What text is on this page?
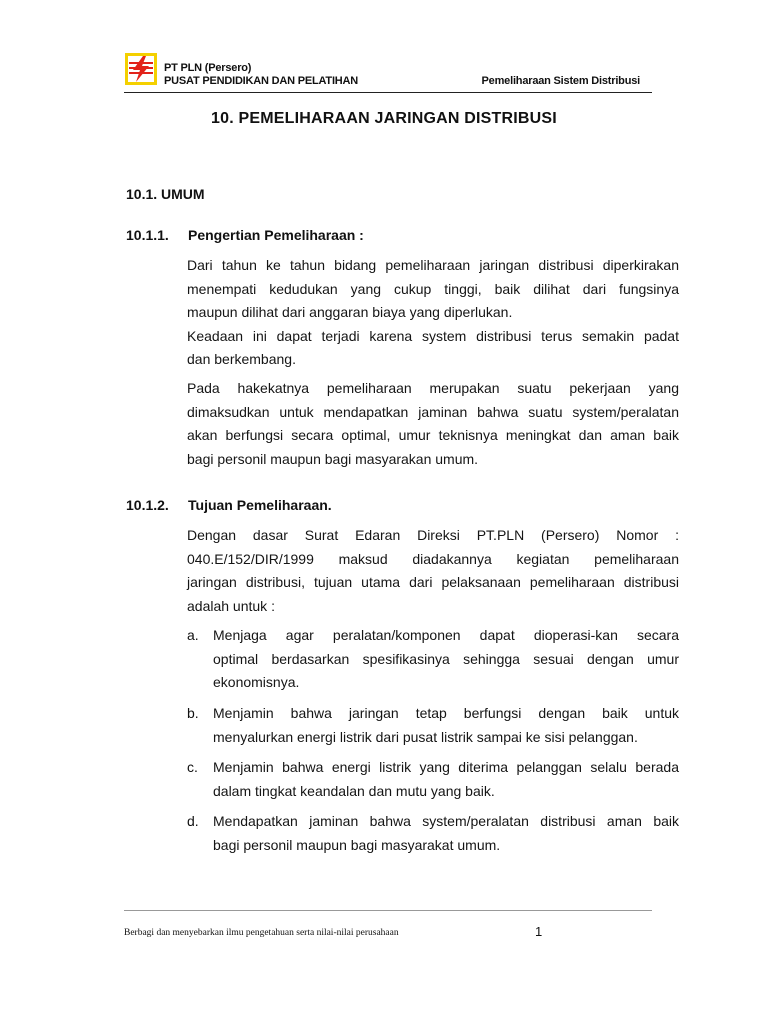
PT PLN (Persero)
PUSAT PENDIDIKAN DAN PELATIHAN	Pemeliharaan Sistem Distribusi
10. PEMELIHARAAN JARINGAN DISTRIBUSI
10.1. UMUM
10.1.1. Pengertian Pemeliharaan :
Dari tahun ke tahun bidang pemeliharaan jaringan distribusi diperkirakan
menempati kedudukan yang cukup tinggi, baik dilihat dari fungsinya
maupun dilihat dari anggaran biaya yang diperlukan.
Keadaan ini dapat terjadi karena system distribusi terus semakin padat
dan berkembang.
Pada hakekatnya pemeliharaan merupakan suatu pekerjaan yang
dimaksudkan untuk mendapatkan jaminan bahwa suatu system/peralatan
akan berfungsi secara optimal, umur teknisnya meningkat dan aman baik
bagi personil maupun bagi masyarakan umum.
10.1.2. Tujuan Pemeliharaan.
Dengan dasar Surat Edaran Direksi PT.PLN (Persero) Nomor :
040.E/152/DIR/1999 maksud diadakannya kegiatan pemeliharaan
jaringan distribusi, tujuan utama dari pelaksanaan pemeliharaan distribusi
adalah untuk :
a. Menjaga agar peralatan/komponen dapat dioperasi-kan secara
optimal berdasarkan spesifikasinya sehingga sesuai dengan umur
ekonomisnya.
b. Menjamin bahwa jaringan tetap berfungsi dengan baik untuk
menyalurkan energi listrik dari pusat listrik sampai ke sisi pelanggan.
c. Menjamin bahwa energi listrik yang diterima pelanggan selalu berada
dalam tingkat keandalan dan mutu yang baik.
d. Mendapatkan jaminan bahwa system/peralatan distribusi aman baik
bagi personil maupun bagi masyarakat umum.
Berbagi dan menyebarkan ilmu pengetahuan serta nilai-nilai perusahaan	1
